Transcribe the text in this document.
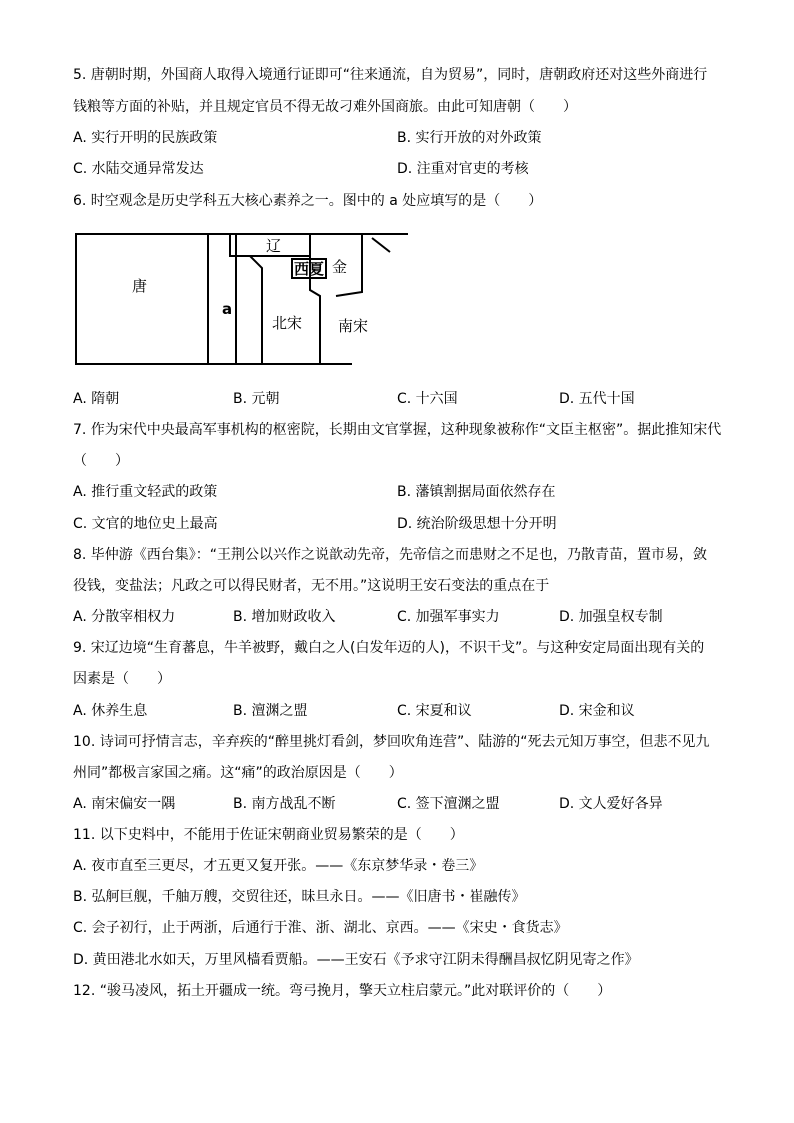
5. 唐朝时期，外国商人取得入境通行证即可“往来通流，自为贸易”，同时，唐朝政府还对这些外商进行
钱粮等方面的补贴，并且规定官员不得无故刁难外国商旅。由此可知唐朝（　　）
A. 实行开明的民族政策	B. 实行开放的对外政策
C. 水陆交通异常发达	D. 注重对官吏的考核
6. 时空观念是历史学科五大核心素养之一。图中的 a 处应填写的是（　　）
唐
a
辽
西夏 金
北宋 南宋
A. 隋朝	B. 元朝	C. 十六国	D. 五代十国
7. 作为宋代中央最高军事机构的枢密院，长期由文官掌握，这种现象被称作“文臣主枢密”。据此推知宋代
（　　）
A. 推行重文轻武的政策	B. 藩镇割据局面依然存在
C. 文官的地位史上最高	D. 统治阶级思想十分开明
8. 毕仲游《西台集》：“王荆公以兴作之说歆动先帝，先帝信之而患财之不足也，乃散青苗，置市易，敛
役钱，变盐法；凡政之可以得民财者，无不用。”这说明王安石变法的重点在于
A. 分散宰相权力	B. 增加财政收入	C. 加强军事实力	D. 加强皇权专制
9. 宋辽边境“生育蕃息，牛羊被野，戴白之人(白发年迈的人)，不识干戈”。与这种安定局面出现有关的
因素是（　　）
A. 休养生息	B. 澶渊之盟	C. 宋夏和议	D. 宋金和议
10. 诗词可抒情言志，辛弃疾的“醉里挑灯看剑，梦回吹角连营”、陆游的“死去元知万事空，但悲不见九
州同”都极言家国之痛。这“痛”的政治原因是（　　）
A. 南宋偏安一隅	B. 南方战乱不断	C. 签下澶渊之盟	D. 文人爱好各异
11. 以下史料中，不能用于佐证宋朝商业贸易繁荣的是（　　）
A. 夜市直至三更尽，才五更又复开张。——《东京梦华录・卷三》
B. 弘舸巨舰，千舳万艘，交贸往还，昧旦永日。——《旧唐书・崔融传》
C. 会子初行，止于两浙，后通行于淮、浙、湖北、京西。——《宋史・食货志》
D. 黄田港北水如天，万里风樯看贾船。——王安石《予求守江阴未得酬昌叔忆阴见寄之作》
12. “骏马凌风，拓土开疆成一统。弯弓挽月，擎天立柱启蒙元。”此对联评价的（　　）
